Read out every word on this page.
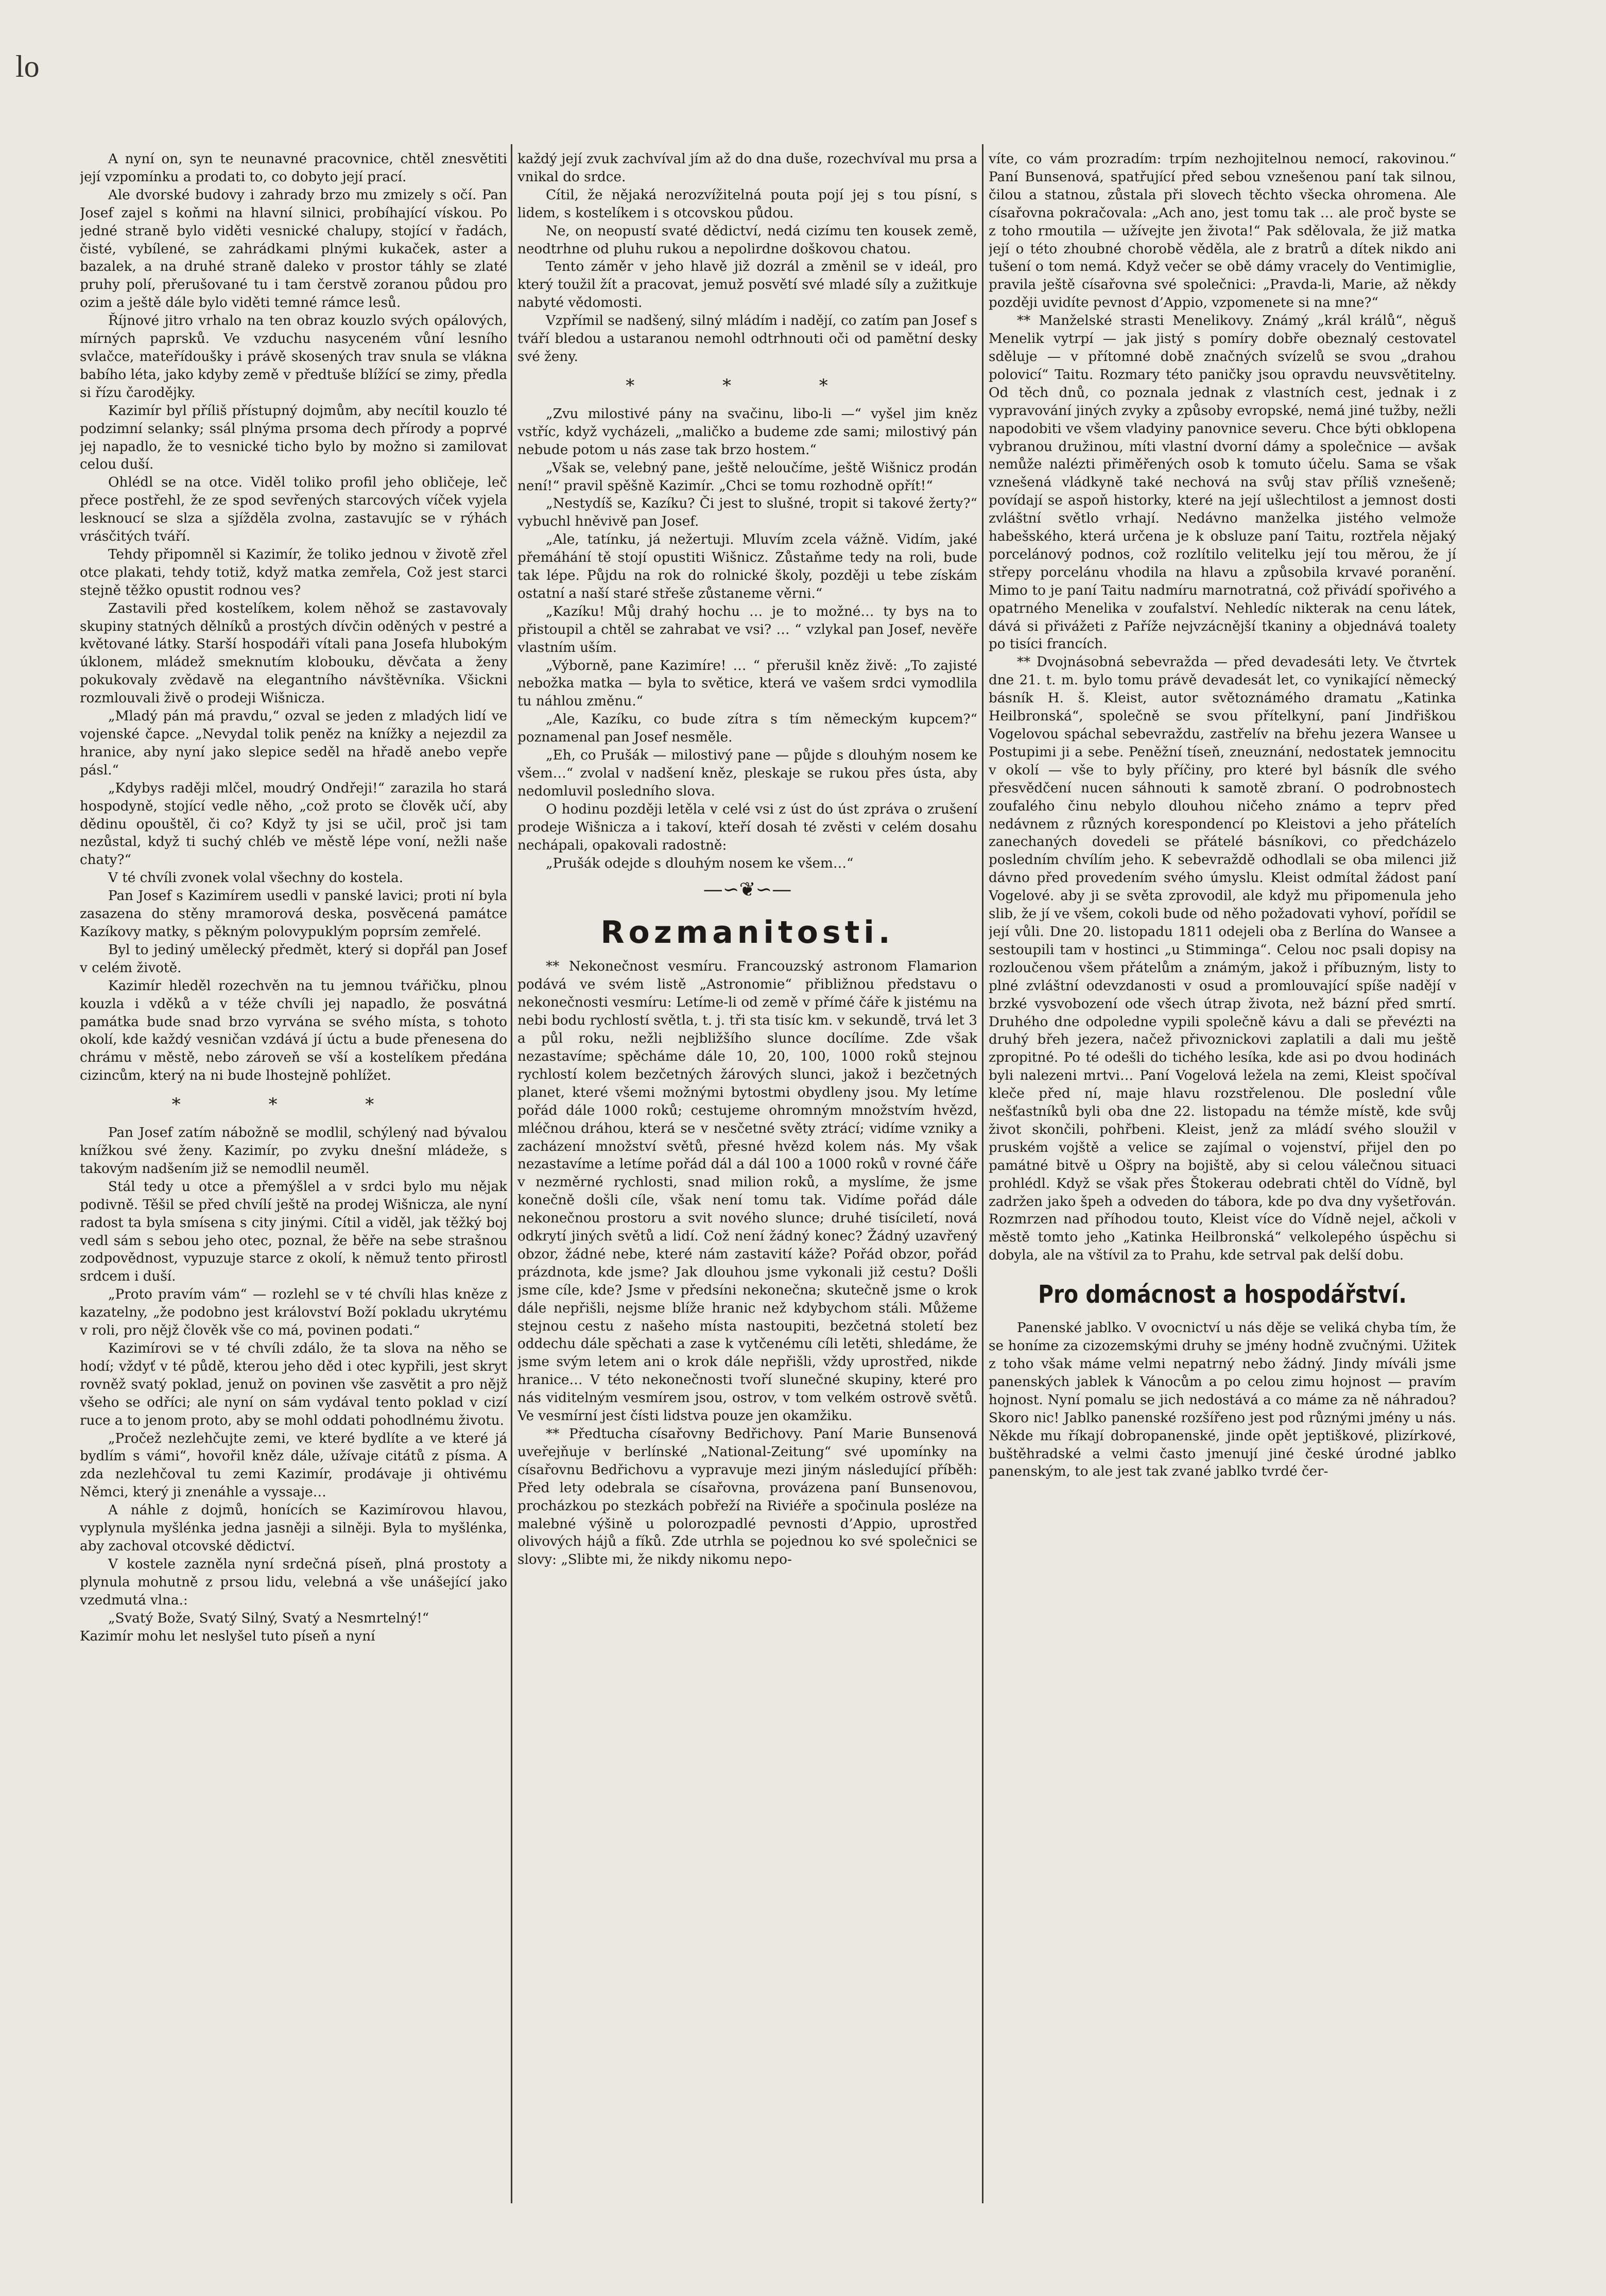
lo

A nyní on, syn te neunavné pracovnice, chtěl znesvětiti její vzpomínku a prodati to, co dobyto její prací.

Ale dvorské budovy i zahrady brzo mu zmizely s očí. Pan Josef zajel s koňmi na hlavní silnici, probíhající vískou. Po jedné straně bylo viděti vesnické chalupy, stojící v řadách, čisté, vybílené, se zahrádkami plnými kukaček, aster a bazalek, a na druhé straně daleko v prostor táhly se zlaté pruhy polí, přerušované tu i tam čerstvě zoranou půdou pro ozim a ještě dále bylo viděti temné rámce lesů.

Říjnové jitro vrhalo na ten obraz kouzlo svých opálových, mírných paprsků. Ve vzduchu nasyceném vůní lesního svlačce, mateřídoušky i právě skosených trav snula se vlákna babího léta, jako kdyby země v předtuše blížící se zimy, předla si řízu čarodějky.

Kazimír byl příliš přístupný dojmům, aby necítil kouzlo té podzimní selanky; ssál plnýma prsoma dech přírody a poprvé jej napadlo, že to vesnické ticho bylo by možno si zamilovat celou duší.

Ohlédl se na otce. Viděl toliko profil jeho obličeje, leč přece postřehl, že ze spod sevřených starcových víček vyjela lesknoucí se slza a sjížděla zvolna, zastavujíc se v rýhách vrásčitých tváří.

Tehdy připomněl si Kazimír, že toliko jednou v životě zřel otce plakati, tehdy totiž, když matka zemřela, Což jest starci stejně těžko opustit rodnou ves?

Zastavili před kostelíkem, kolem něhož se zastavovaly skupiny statných dělníků a prostých dívčin oděných v pestré a květované látky. Starší hospodáři vítali pana Josefa hlubokým úklonem, mládež smeknutím klobouku, děvčata a ženy pokukovaly zvědavě na elegantního návštěvníka. Všickni rozmlouvali živě o prodeji Wišnicza.

„Mladý pán má pravdu,“ ozval se jeden z mladých lidí ve vojenské čapce. „Nevydal tolik peněz na knížky a nejezdil za hranice, aby nyní jako slepice seděl na hřadě anebo vepře pásl.“

„Kdybys raději mlčel, moudrý Ondřeji!“ zarazila ho stará hospodyně, stojící vedle něho, „což proto se člověk učí, aby dědinu opouštěl, či co? Když ty jsi se učil, proč jsi tam nezůstal, když ti suchý chléb ve městě lépe voní, nežli naše chaty?“

V té chvíli zvonek volal všechny do kostela.

Pan Josef s Kazimírem usedli v panské lavici; proti ní byla zasazena do stěny mramorová deska, posvěcená památce Kazíkovy matky, s pěkným polovypuklým poprsím zemřelé.

Byl to jediný umělecký předmět, který si dopřál pan Josef v celém životě.

Kazimír hleděl rozechvěn na tu jemnou tvářičku, plnou kouzla i vděků a v téže chvíli jej napadlo, že posvátná památka bude snad brzo vyrvána se svého místa, s tohoto okolí, kde každý vesničan vzdává jí úctu a bude přenesena do chrámu v městě, nebo zároveň se vší a kostelíkem předána cizincům, který na ni bude lhostejně pohlížet.

* * *

Pan Josef zatím nábožně se modlil, schýlený nad bývalou knížkou své ženy. Kazimír, po zvyku dnešní mládeže, s takovým nadšením již se nemodlil neuměl.

Stál tedy u otce a přemýšlel a v srdci bylo mu nějak podivně. Těšil se před chvílí ještě na prodej Wišnicza, ale nyní radost ta byla smísena s city jinými. Cítil a viděl, jak těžký boj vedl sám s sebou jeho otec, poznal, že běře na sebe strašnou zodpovědnost, vypuzuje starce z okolí, k němuž tento přirostl srdcem i duší.

„Proto pravím vám“ — rozlehl se v té chvíli hlas kněze z kazatelny, „že podobno jest království Boží pokladu ukrytému v roli, pro nějž člověk vše co má, povinen podati.“

Kazimírovi se v té chvíli zdálo, že ta slova na něho se hodí; vždyť v té půdě, kterou jeho děd i otec kypřili, jest skryt rovněž svatý poklad, jenuž on povinen vše zasvětit a pro nějž všeho se odříci; ale nyní on sám vydával tento poklad v cizí ruce a to jenom proto, aby se mohl oddati pohodlnému životu.

„Pročež nezlehčujte zemi, ve které bydlíte a ve které já bydlím s vámi“, hovořil kněz dále, užívaje citátů z písma. A zda nezlehčoval tu zemi Kazimír, prodávaje ji ohtivému Němci, který ji znenáhle a vyssaje…

A náhle z dojmů, honících se Kazimírovou hlavou, vyplynula myšlénka jedna jasněji a silněji. Byla to myšlénka, aby zachoval otcovské dědictví.

V kostele zazněla nyní srdečná píseň, plná prostoty a plynula mohutně z prsou lidu, velebná a vše unášející jako vzedmutá vlna.:

„Svatý Bože, Svatý Silný, Svatý a Nesmrtelný!“

Kazimír mohu let neslyšel tuto píseň a nyní

každý její zvuk zachvíval jím až do dna duše, rozechvíval mu prsa a vnikal do srdce.

Cítil, že nějaká nerozvížitelná pouta pojí jej s tou písní, s lidem, s kostelíkem i s otcovskou půdou.

Ne, on neopustí svaté dědictví, nedá cizímu ten kousek země, neodtrhne od pluhu rukou a nepolirdne doškovou chatou.

Tento záměr v jeho hlavě již dozrál a změnil se v ideál, pro který toužil žít a pracovat, jemuž posvětí své mladé síly a zužitkuje nabyté vědomosti.

Vzpřímil se nadšený, silný mládím i nadějí, co zatím pan Josef s tváří bledou a ustaranou nemohl odtrhnouti oči od pamětní desky své ženy.

* * *

„Zvu milostivé pány na svačinu, libo-li —“ vyšel jim kněz vstříc, když vycházeli, „maličko a budeme zde sami; milostivý pán nebude potom u nás zase tak brzo hostem.“

„Však se, velebný pane, ještě neloučíme, ještě Wišnicz prodán není!“ pravil spěšně Kazimír. „Chci se tomu rozhodně opřít!“

„Nestydíš se, Kazíku? Či jest to slušné, tropit si takové žerty?“ vybuchl hněvivě pan Josef.

„Ale, tatínku, já nežertuji. Mluvím zcela vážně. Vidím, jaké přemáhání tě stojí opustiti Wišnicz. Zůstaňme tedy na roli, bude tak lépe. Půjdu na rok do rolnické školy, později u tebe získám ostatní a naší staré střeše zůstaneme věrni.“

„Kazíku! Můj drahý hochu … je to možné… ty bys na to přistoupil a chtěl se zahrabat ve vsi? … “ vzlykal pan Josef, nevěře vlastním uším.

„Výborně, pane Kazimíre! … “ přerušil kněz živě: „To zajisté nebožka matka — byla to světice, která ve vašem srdci vymodlila tu náhlou změnu.“

„Ale, Kazíku, co bude zítra s tím německým kupcem?“ poznamenal pan Josef nesměle.

„Eh, co Prušák — milostivý pane — půjde s dlouhým nosem ke všem…“ zvolal v nadšení kněz, pleskaje se rukou přes ústa, aby nedomluvil posledního slova.

O hodinu později letěla v celé vsi z úst do úst zpráva o zrušení prodeje Wišnicza a i takoví, kteří dosah té zvěsti v celém dosahu nechápali, opakovali radostně:

„Prušák odejde s dlouhým nosem ke všem…“

—∽❦∽—
Rozmanitosti.

** Nekonečnost vesmíru. Francouzský astronom Flamarion podává ve svém listě „Astronomie“ přibližnou představu o nekonečnosti vesmíru: Letíme-li od země v přímé čáře k jistému na nebi bodu rychlostí světla, t. j. tři sta tisíc km. v sekundě, trvá let 3 a půl roku, nežli nejbližšího slunce docílíme. Zde však nezastavíme; spěcháme dále 10, 20, 100, 1000 roků stejnou rychlostí kolem bezčetných žárových slunci, jakož i bezčetných planet, které všemi možnými bytostmi obydleny jsou. My letíme pořád dále 1000 roků; cestujeme ohromným množstvím hvězd, mléčnou dráhou, která se v nesčetné světy ztrácí; vidíme vzniky a zacházení množství světů, přesné hvězd kolem nás. My však nezastavíme a letíme pořád dál a dál 100 a 1000 roků v rovné čáře v nezměrné rychlosti, snad milion roků, a myslíme, že jsme konečně došli cíle, však není tomu tak. Vidíme pořád dále nekonečnou prostoru a svit nového slunce; druhé tisíciletí, nová odkrytí jiných světů a lidí. Což není žádný konec? Žádný uzavřený obzor, žádné nebe, které nám zastavití káže? Pořád obzor, pořád prázdnota, kde jsme? Jak dlouhou jsme vykonali již cestu? Došli jsme cíle, kde? Jsme v předsíni nekonečna; skutečně jsme o krok dále nepřišli, nejsme blíže hranic než kdybychom stáli. Můžeme stejnou cestu z našeho místa nastoupiti, bezčetná století bez oddechu dále spěchati a zase k vytčenému cíli letěti, shledáme, že jsme svým letem ani o krok dále nepřišli, vždy uprostřed, nikde hranice… V této nekonečnosti tvoří slunečné skupiny, které pro nás viditelným vesmírem jsou, ostrov, v tom velkém ostrově světů. Ve vesmírní jest čísti lidstva pouze jen okamžiku.

** Předtucha císařovny Bedřichovy. Paní Marie Bunsenová uveřejňuje v berlínské „National-Zeitung“ své upomínky na císařovnu Bedřichovu a vypravuje mezi jiným následující příběh: Před lety odebrala se císařovna, provázena paní Bunsenovou, procházkou po stezkách pobřeží na Riviéře a spočinula posléze na malebné výšině u polorozpadlé pevnosti d’Appio, uprostřed olivových hájů a fíků. Zde utrhla se pojednou ko své společnici se slovy: „Slibte mi, že nikdy nikomu nepo-

víte, co vám prozradím: trpím nezhojitelnou nemocí, rakovinou.“ Paní Bunsenová, spatřující před sebou vznešenou paní tak silnou, čilou a statnou, zůstala při slovech těchto všecka ohromena. Ale císařovna pokračovala: „Ach ano, jest tomu tak … ale proč byste se z toho rmoutila — užívejte jen života!“ Pak sdělovala, že již matka její o této zhoubné chorobě věděla, ale z bratrů a dítek nikdo ani tušení o tom nemá. Když večer se obě dámy vracely do Ventimiglie, pravila ještě císařovna své společnici: „Pravda-li, Marie, až někdy později uvidíte pevnost d’Appio, vzpomenete si na mne?“

** Manželské strasti Menelikovy. Známý „král králů“, něguš Menelik vytrpí — jak jistý s pomíry dobře obeznalý cestovatel sděluje — v přítomné době značných svízelů se svou „drahou polovicí“ Taitu. Rozmary této paničky jsou opravdu neuvsvětitelny. Od těch dnů, co poznala jednak z vlastních cest, jednak i z vypravování jiných zvyky a způsoby evropské, nemá jiné tužby, nežli napodobiti ve všem vladyiny panovnice severu. Chce býti obklopena vybranou družinou, míti vlastní dvorní dámy a společnice — avšak nemůže nalézti přiměřených osob k tomuto účelu. Sama se však vznešená vládkyně také nechová na svůj stav příliš vznešeně; povídají se aspoň historky, které na její ušlechtilost a jemnost dosti zvláštní světlo vrhají. Nedávno manželka jistého velmože habešského, která určena je k obsluze paní Taitu, roztřela nějaký porcelánový podnos, což rozlítilo velitelku její tou měrou, že jí střepy porcelánu vhodila na hlavu a způsobila krvavé poranění. Mimo to je paní Taitu nadmíru marnotratná, což přivádí spořivého a opatrného Menelika v zoufalství. Nehledíc nikterak na cenu látek, dává si přivážeti z Paříže nejvzácnější tkaniny a objednává toalety po tisíci francích.

** Dvojnásobná sebevražda — před devadesáti lety. Ve čtvrtek dne 21. t. m. bylo tomu právě devadesát let, co vynikající německý básník H. š. Kleist, autor světoznámého dramatu „Katinka Heilbronská“, společně se svou přítelkyní, paní Jindřiškou Vogelovou spáchal sebevraždu, zastřelív na břehu jezera Wansee u Postupimi ji a sebe. Peněžní tíseň, zneuznání, nedostatek jemnocitu v okolí — vše to byly příčiny, pro které byl básník dle svého přesvědčení nucen sáhnouti k samotě zbraní. O podrobnostech zoufalého činu nebylo dlouhou ničeho známo a teprv před nedávnem z různých korespondencí po Kleistovi a jeho přátelích zanechaných dovedeli se přátelé básníkovi, co předcházelo posledním chvílím jeho. K sebevraždě odhodlali se oba milenci již dávno před provedením svého úmyslu. Kleist odmítal žádost paní Vogelové. aby ji se světa zprovodil, ale když mu připomenula jeho slib, že jí ve všem, cokoli bude od něho požadovati vyhoví, pořídil se její vůli. Dne 20. listopadu 1811 odejeli oba z Berlína do Wansee a sestoupili tam v hostinci „u Stimminga“. Celou noc psali dopisy na rozloučenou všem přátelům a známým, jakož i příbuzným, listy to plné zvláštní odevzdanosti v osud a promlouvající spíše nadějí v brzké vysvobození ode všech útrap života, než bázní před smrtí. Druhého dne odpoledne vypili společně kávu a dali se převézti na druhý břeh jezera, načež přivoznickovi zaplatili a dali mu ještě zpropitné. Po té odešli do tichého lesíka, kde asi po dvou hodinách byli nalezeni mrtvi… Paní Vogelová ležela na zemi, Kleist spočíval kleče před ní, maje hlavu rozstřelenou. Dle poslední vůle nešťastníků byli oba dne 22. listopadu na témže místě, kde svůj život skončili, pohřbeni. Kleist, jenž za mládí svého sloužil v pruském vojště a velice se zajímal o vojenství, přijel den po památné bitvě u Ošpry na bojiště, aby si celou válečnou situaci prohlédl. Když se však přes Štokerau odebrati chtěl do Vídně, byl zadržen jako špeh a odveden do tábora, kde po dva dny vyšetřován. Rozmrzen nad příhodou touto, Kleist více do Vídně nejel, ačkoli v městě tomto jeho „Katinka Heilbronská“ velkolepého úspěchu si dobyla, ale na vštívil za to Prahu, kde setrval pak delší dobu.

Pro domácnost a hospodářství.

Panenské jablko. V ovocnictví u nás děje se veliká chyba tím, že se honíme za cizozemskými druhy se jmény hodně zvučnými. Užitek z toho však máme velmi nepatrný nebo žádný. Jindy míváli jsme panenských jablek k Vánocům a po celou zimu hojnost — pravím hojnost. Nyní pomalu se jich nedostává a co máme za ně náhradou? Skoro nic! Jablko panenské rozšířeno jest pod různými jmény u nás. Někde mu říkají dobropanenské, jinde opět jeptiškové, plizírkové, buštěhradské a velmi často jmenují jiné české úrodné jablko panenským, to ale jest tak zvané jablko tvrdé čer-
